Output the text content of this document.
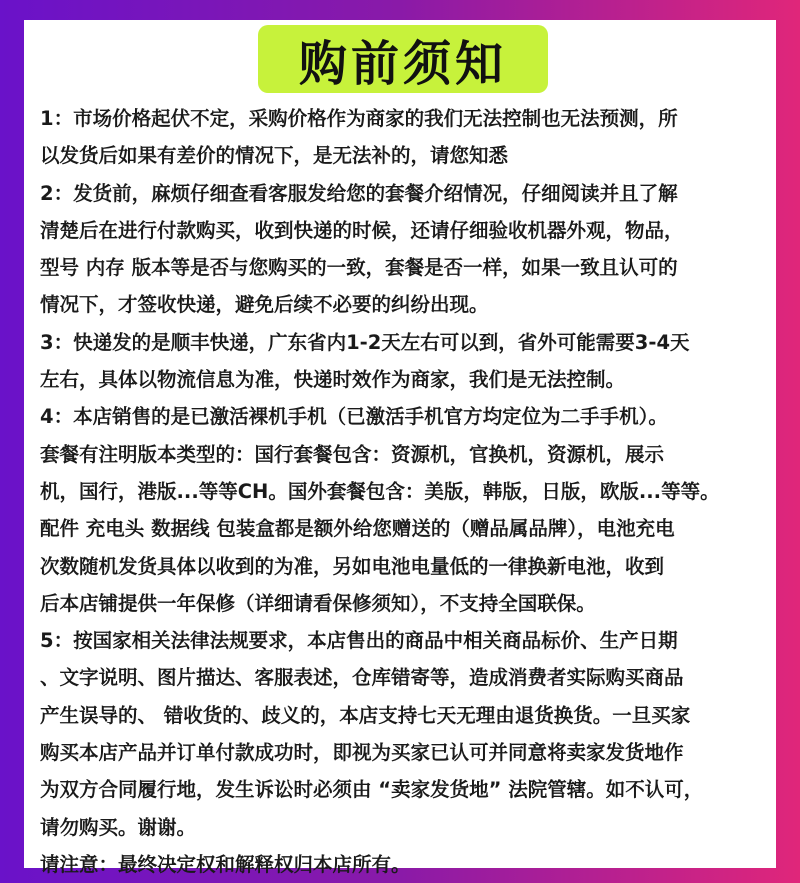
购前须知
1：市场价格起伏不定，采购价格作为商家的我们无法控制也无法预测，所
以发货后如果有差价的情况下，是无法补的，请您知悉
2：发货前，麻烦仔细查看客服发给您的套餐介绍情况，仔细阅读并且了解
清楚后在进行付款购买，收到快递的时候，还请仔细验收机器外观，物品，
型号 内存 版本等是否与您购买的一致，套餐是否一样，如果一致且认可的
情况下，才签收快递，避免后续不必要的纠纷出现。
3：快递发的是顺丰快递，广东省内1-2天左右可以到，省外可能需要3-4天
左右，具体以物流信息为准，快递时效作为商家，我们是无法控制。
4：本店销售的是已激活裸机手机（已激活手机官方均定位为二手手机）。
套餐有注明版本类型的：国行套餐包含：资源机，官换机，资源机，展示
机，国行，港版...等等CH。国外套餐包含：美版，韩版，日版，欧版...等等。
配件 充电头 数据线 包装盒都是额外给您赠送的（赠品属品牌），电池充电
次数随机发货具体以收到的为准，另如电池电量低的一律换新电池，收到
后本店铺提供一年保修（详细请看保修须知），不支持全国联保。
5：按国家相关法律法规要求，本店售出的商品中相关商品标价、生产日期
、文字说明、图片描达、客服表述，仓库错寄等，造成消费者实际购买商品
产生误导的、 错收货的、歧义的，本店支持七天无理由退货换货。一旦买家
购买本店产品并订单付款成功时，即视为买家已认可并同意将卖家发货地作
为双方合同履行地，发生诉讼时必须由 “卖家发货地” 法院管辖。如不认可，
请勿购买。谢谢。
请注意：最终决定权和解释权归本店所有。
